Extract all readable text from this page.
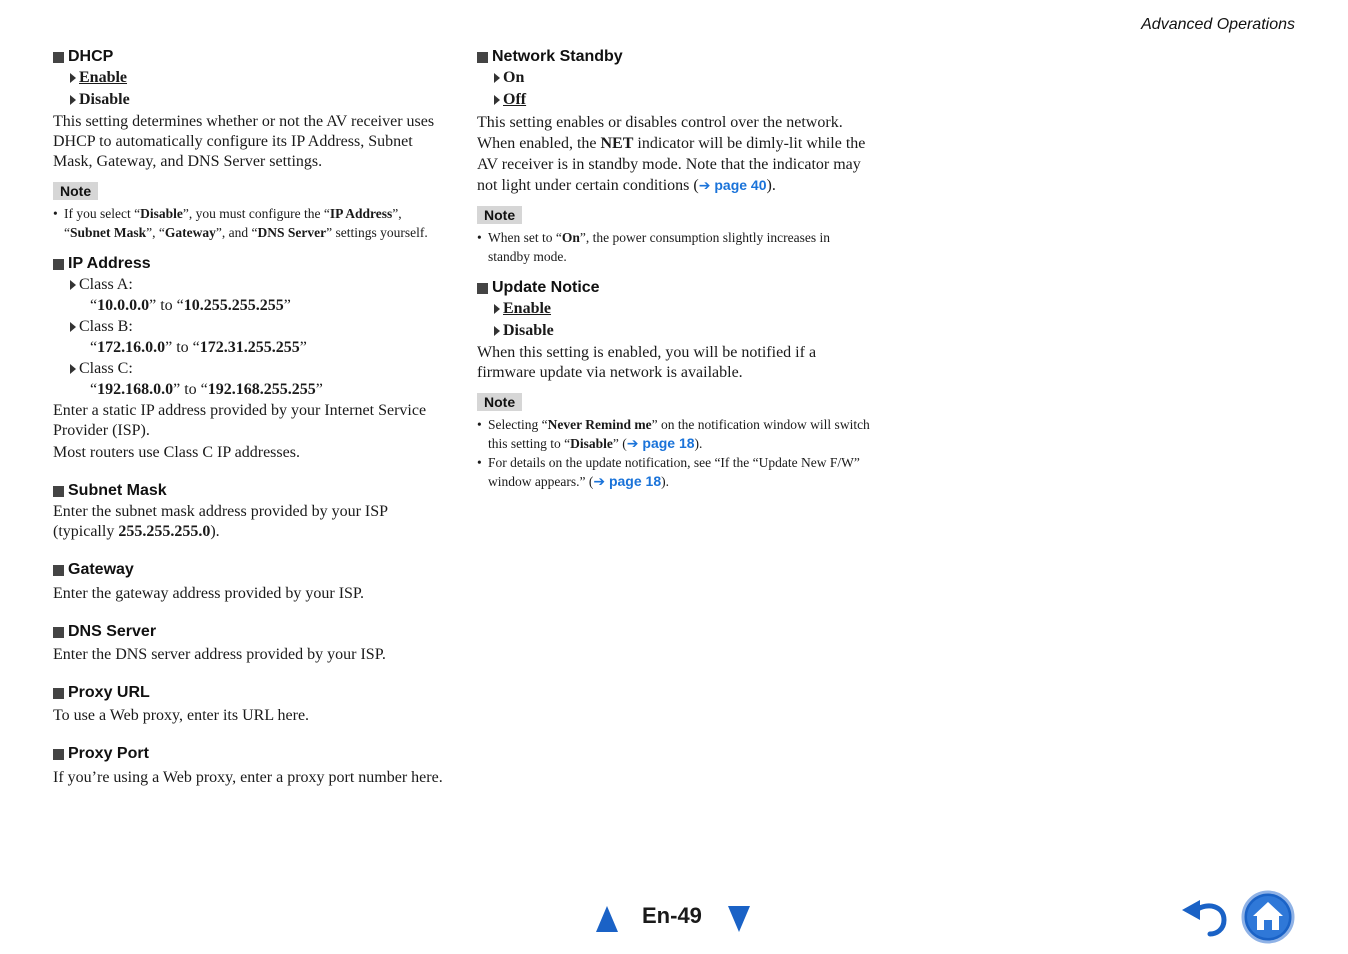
Advanced Operations
DHCP
Enable
Disable

This setting determines whether or not the AV receiver uses DHCP to automatically configure its IP Address, Subnet Mask, Gateway, and DNS Server settings.

Note
• If you select “Disable”, you must configure the “IP Address”, “Subnet Mask”, “Gateway”, and “DNS Server” settings yourself.
IP Address
Class A:
“10.0.0.0” to “10.255.255.255”
Class B:
“172.16.0.0” to “172.31.255.255”
Class C:
“192.168.0.0” to “192.168.255.255”

Enter a static IP address provided by your Internet Service Provider (ISP).

Most routers use Class C IP addresses.

Subnet Mask

Enter the subnet mask address provided by your ISP (typically 255.255.255.0).

Gateway

Enter the gateway address provided by your ISP.

DNS Server

Enter the DNS server address provided by your ISP.

Proxy URL

To use a Web proxy, enter its URL here.

Proxy Port

If you’re using a Web proxy, enter a proxy port number here.

Network Standby
On
Off

This setting enables or disables control over the network. When enabled, the NET indicator will be dimly-lit while the AV receiver is in standby mode. Note that the indicator may not light under certain conditions (➔ page 40).

Note
• When set to “On”, the power consumption slightly increases in standby mode.
Update Notice
Enable
Disable

When this setting is enabled, you will be notified if a firmware update via network is available.

Note
• Selecting “Never Remind me” on the notification window will switch this setting to “Disable” (➔ page 18).
• For details on the update notification, see “If the “Update New F/W” window appears.” (➔ page 18).
En-49
